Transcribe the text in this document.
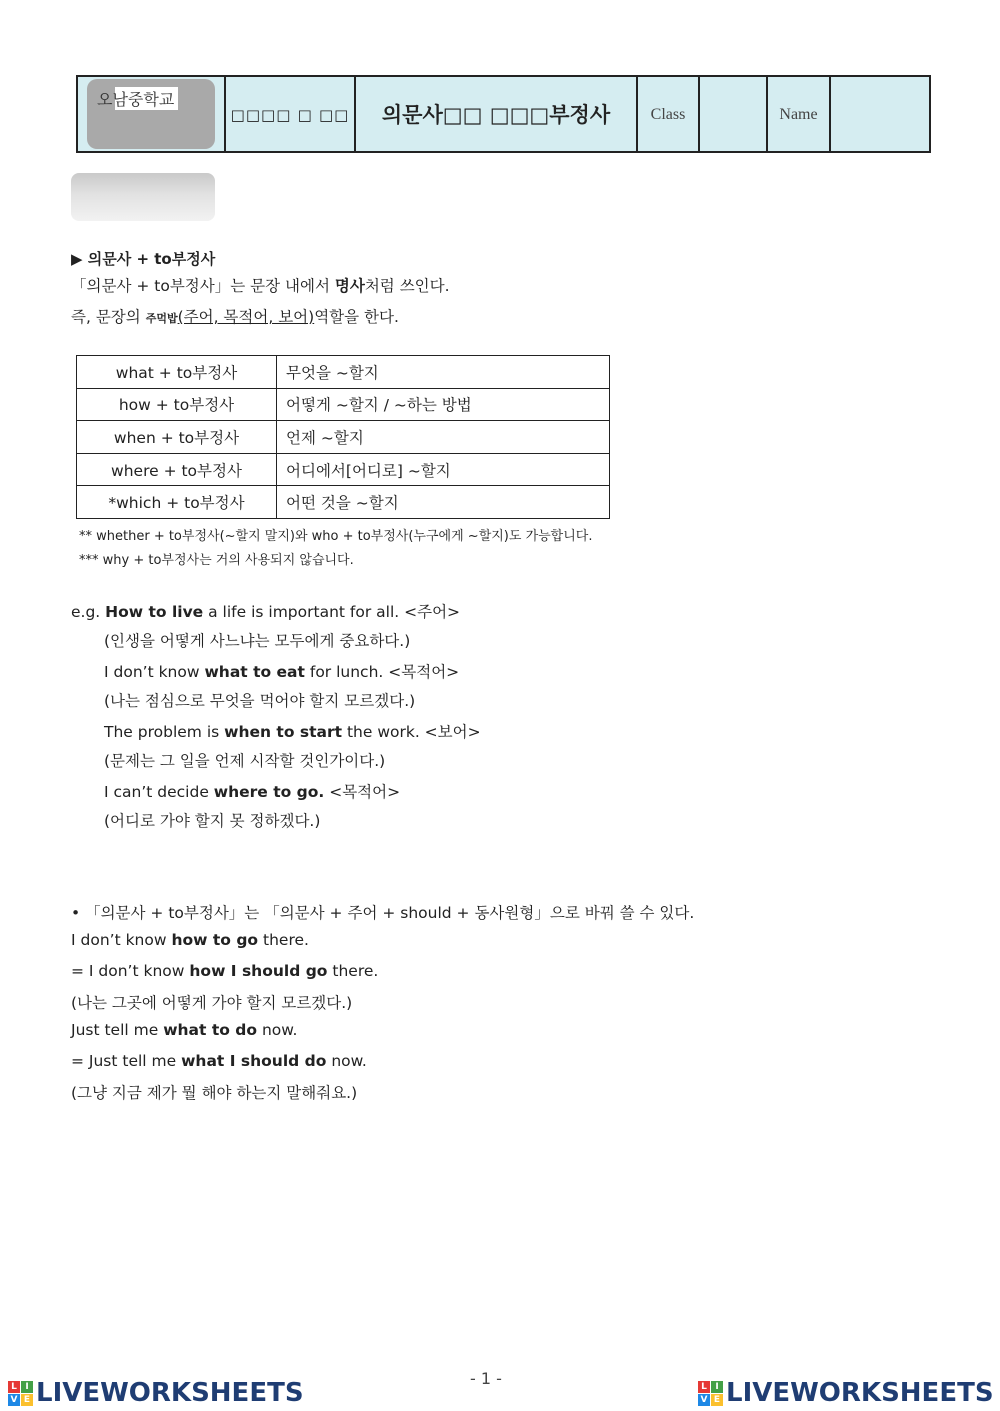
오남중학교
	□□□□ □ □□	의문사□□ □□□부정사	Class		Name	
▶ 의문사 + to부정사
「의문사 + to부정사」는 문장 내에서 명사처럼 쓰인다.
즉, 문장의 주먹밥(주어, 목적어, 보어)역할을 한다.
what + to부정사	무엇을 ~할지
how + to부정사	어떻게 ~할지 / ~하는 방법
when + to부정사	언제 ~할지
where + to부정사	어디에서[어디로] ~할지
*which + to부정사	어떤 것을 ~할지
** whether + to부정사(~할지 말지)와 who + to부정사(누구에게 ~할지)도 가능합니다.
*** why + to부정사는 거의 사용되지 않습니다.
e.g. How to live a life is important for all. <주어>
(인생을 어떻게 사느냐는 모두에게 중요하다.)
I don’t know what to eat for lunch. <목적어>
(나는 점심으로 무엇을 먹어야 할지 모르겠다.)
The problem is when to start the work. <보어>
(문제는 그 일을 언제 시작할 것인가이다.)
I can’t decide where to go. <목적어>
(어디로 가야 할지 못 정하겠다.)
• 「의문사 + to부정사」는 「의문사 + 주어 + should + 동사원형」으로 바꿔 쓸 수 있다.
I don’t know how to go there.
= I don’t know how I should go there.
(나는 그곳에 어떻게 가야 할지 모르겠다.)
Just tell me what to do now.
= Just tell me what I should do now.
(그냥 지금 제가 뭘 해야 하는지 말해줘요.)
- 1 -
L I
V E LIVEWORKSHEETS	L I
V E LIVEWORKSHEETS
